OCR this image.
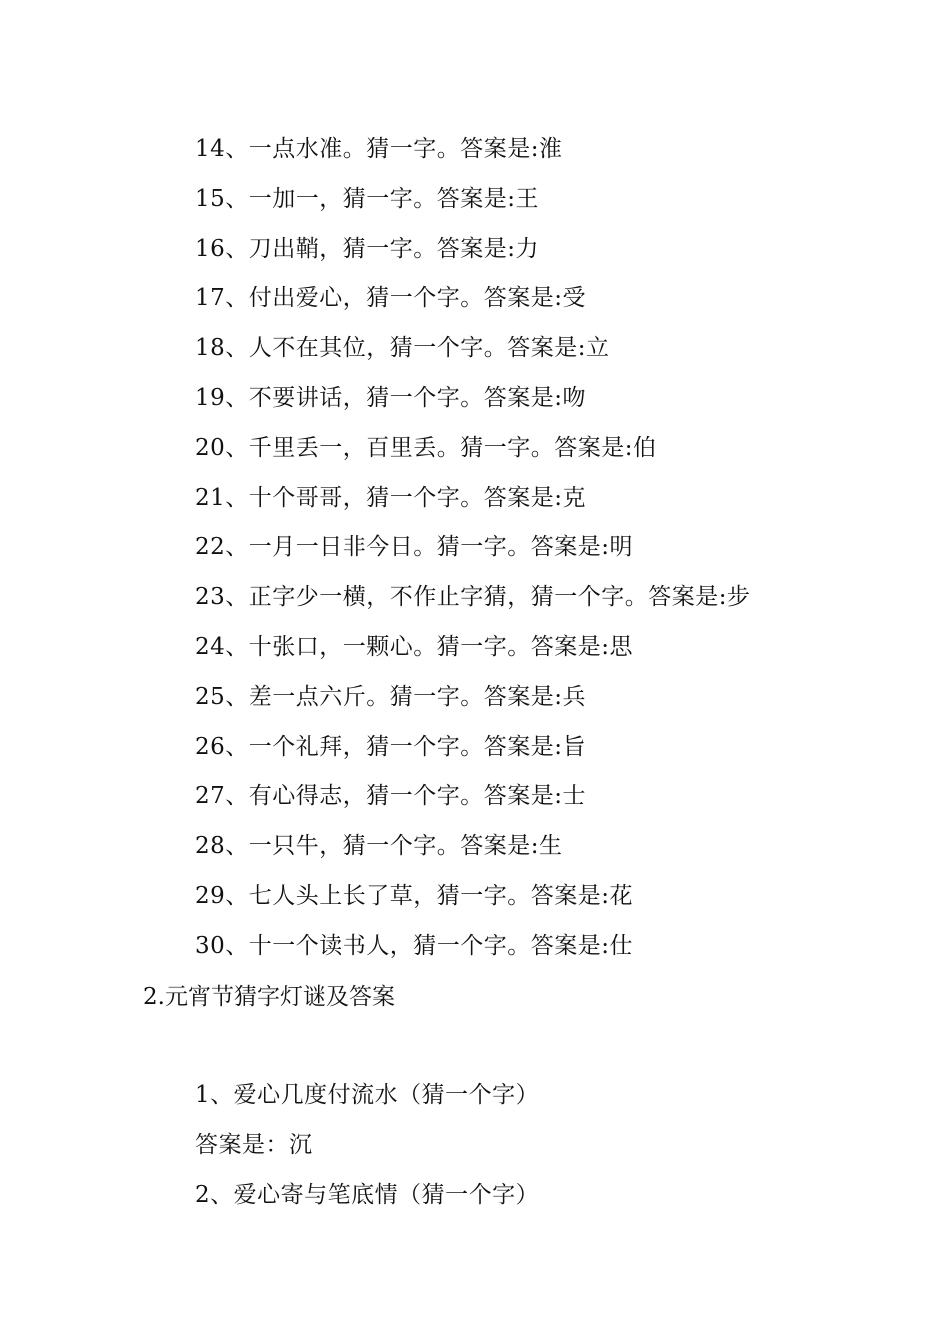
14、一点水准。猜一字。答案是:淮
15、一加一，猜一字。答案是:王
16、刀出鞘，猜一字。答案是:力
17、付出爱心，猜一个字。答案是:受
18、人不在其位，猜一个字。答案是:立
19、不要讲话，猜一个字。答案是:吻
20、千里丢一，百里丢。猜一字。答案是:伯
21、十个哥哥，猜一个字。答案是:克
22、一月一日非今日。猜一字。答案是:明
23、正字少一横，不作止字猜，猜一个字。答案是:步
24、十张口，一颗心。猜一字。答案是:思
25、差一点六斤。猜一字。答案是:兵
26、一个礼拜，猜一个字。答案是:旨
27、有心得志，猜一个字。答案是:士
28、一只牛，猜一个字。答案是:生
29、七人头上长了草，猜一字。答案是:花
30、十一个读书人，猜一个字。答案是:仕
2.元宵节猜字灯谜及答案
1、爱心几度付流水（猜一个字）
答案是：沉
2、爱心寄与笔底情（猜一个字）
